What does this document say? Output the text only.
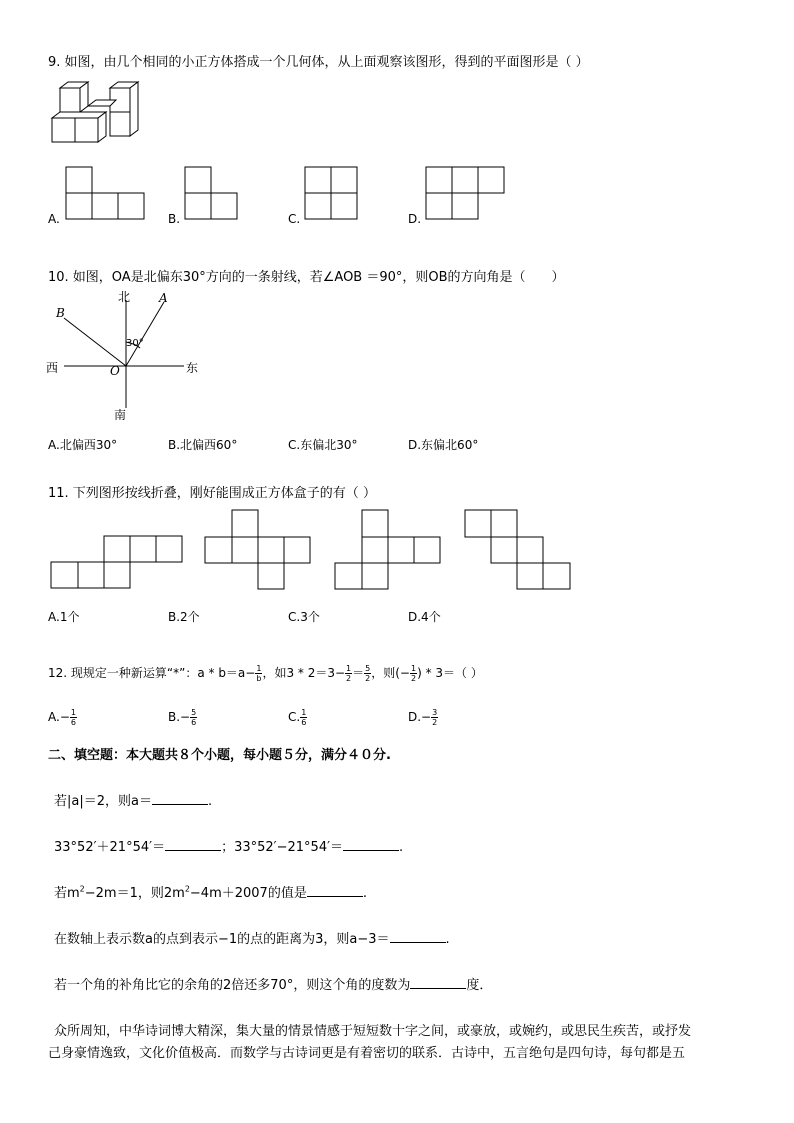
9. 如图，由几个相同的小正方体搭成一个几何体，从上面观察该图形，得到的平面图形是（ ）
A.	B.	C.	D.
10. 如图，OA是北偏东30°方向的一条射线，若∠AOB ＝90°，则OB的方向角是（　　）
北
南
西	东
A
B
O
30°
A.北偏西30°	B.北偏西60°	C.东偏北30°	D.东偏北60°
11. 下列图形按线折叠，刚好能围成正方体盒子的有（ ）
A.1个	B.2个	C.3个	D.4个
12. 现规定一种新运算“*”：$a * b=a- \frac{1}{b}$ ，如$3 * 2=3- \frac{1}{2} = \frac{5}{2}$ ，则(− $\frac{1}{2}$ ) * 3＝（ ）
$A.- \frac{1}{6}$	$B.- \frac{5}{6}$	C. $\frac{1}{6}$	$D.- \frac{3}{2}$
二、填空题：本大题共８个小题，每小题５分，满分４０分.
若|a|＝2，则a＝	.
33°52′＋21°54′＝	；33°52′−21°54′＝	.
若$m^2-2m=1$，则$2m^2-4m+2007$的值是	.
在数轴上表示数a的点到表示−1的点的距离为3，则a−3＝	.
若一个角的补角比它的余角的2倍还多70°，则这个角的度数为	度．
众所周知，中华诗词博大精深，集大量的情景情感于短短数十字之间，或豪放，或婉约，或思民生疾苦，或抒发
己身豪情逸致，文化价值极高．而数学与古诗词更是有着密切的联系．古诗中，五言绝句是四句诗，每句都是五
